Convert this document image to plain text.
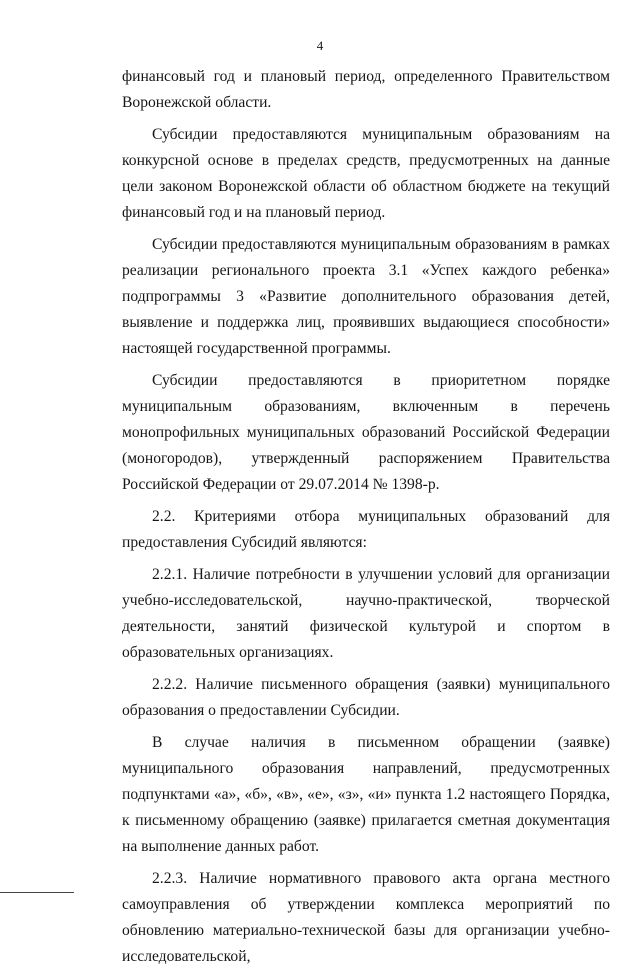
4

финансовый год и плановый период, определенного Правительством Воронежской области.

Субсидии предоставляются муниципальным образованиям на конкурсной основе в пределах средств, предусмотренных на данные цели законом Воронежской области об областном бюджете на текущий финансовый год и на плановый период.

Субсидии предоставляются муниципальным образованиям в рамках реализации регионального проекта 3.1 «Успех каждого ребенка» подпрограммы 3 «Развитие дополнительного образования детей, выявление и поддержка лиц, проявивших выдающиеся способности» настоящей государственной программы.

Субсидии предоставляются в приоритетном порядке муниципальным образованиям, включенным в перечень монопрофильных муниципальных образований Российской Федерации (моногородов), утвержденный распоряжением Правительства Российской Федерации от 29.07.2014 № 1398-р.

2.2. Критериями отбора муниципальных образований для предоставления Субсидий являются:

2.2.1. Наличие потребности в улучшении условий для организации учебно-исследовательской, научно-практической, творческой деятельности, занятий физической культурой и спортом в образовательных организациях.

2.2.2. Наличие письменного обращения (заявки) муниципального образования о предоставлении Субсидии.

В случае наличия в письменном обращении (заявке) муниципального образования направлений, предусмотренных подпунктами «а», «б», «в», «е», «з», «и» пункта 1.2 настоящего Порядка, к письменному обращению (заявке) прилагается сметная документация на выполнение данных работ.

2.2.3. Наличие нормативного правового акта органа местного самоуправления об утверждении комплекса мероприятий по обновлению материально-технической базы для организации учебно-исследовательской,
